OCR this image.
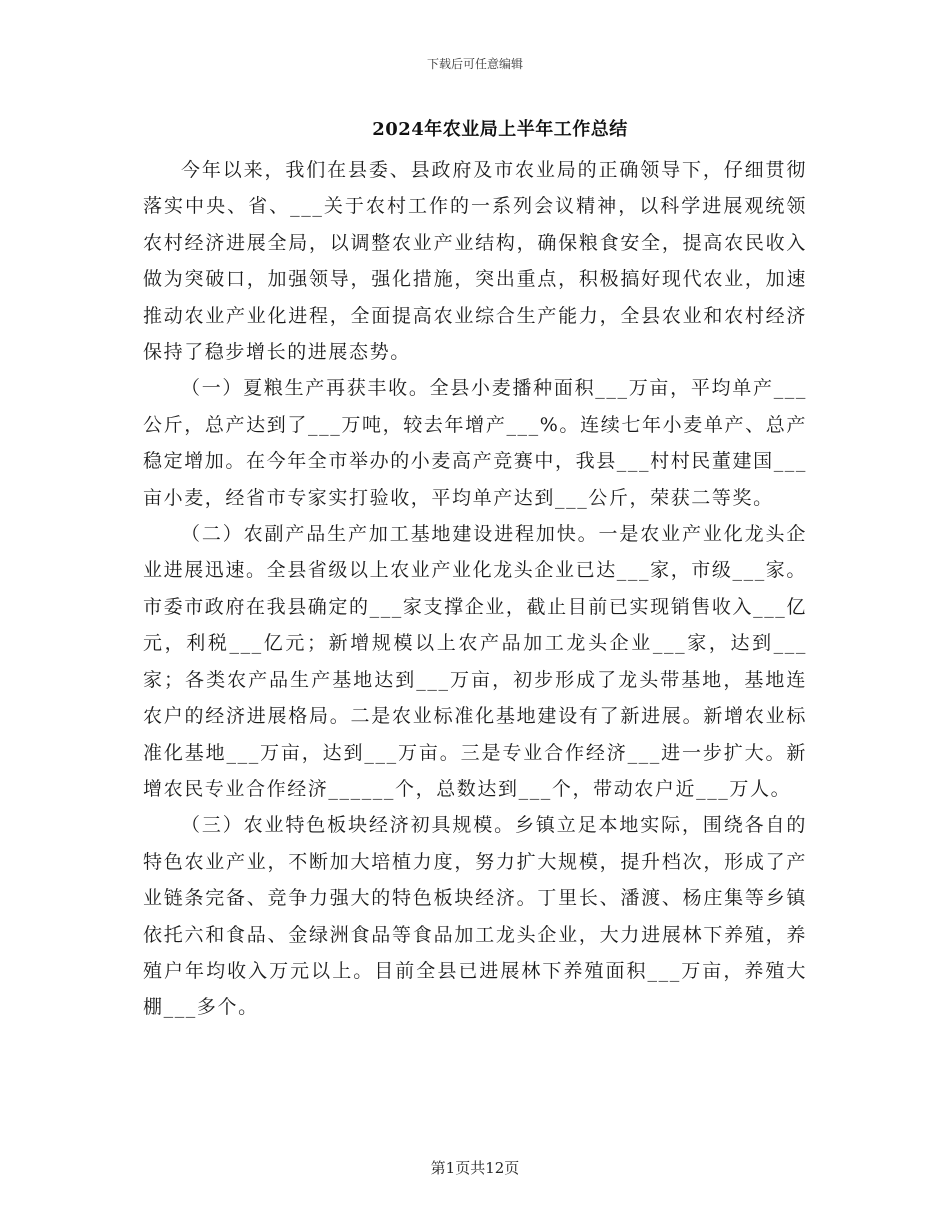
下载后可任意编辑
2024年农业局上半年工作总结

今年以来，我们在县委、县政府及市农业局的正确领导下，仔细贯彻落实中央、省、___关于农村工作的一系列会议精神，以科学进展观统领农村经济进展全局，以调整农业产业结构，确保粮食安全，提高农民收入做为突破口，加强领导，强化措施，突出重点，积极搞好现代农业，加速推动农业产业化进程，全面提高农业综合生产能力，全县农业和农村经济保持了稳步增长的进展态势。

（一）夏粮生产再获丰收。全县小麦播种面积___万亩，平均单产___公斤，总产达到了___万吨，较去年增产___%。连续七年小麦单产、总产稳定增加。在今年全市举办的小麦高产竞赛中，我县___村村民董建国___亩小麦，经省市专家实打验收，平均单产达到___公斤，荣获二等奖。

（二）农副产品生产加工基地建设进程加快。一是农业产业化龙头企业进展迅速。全县省级以上农业产业化龙头企业已达___家，市级___家。市委市政府在我县确定的___家支撑企业，截止目前已实现销售收入___亿元，利税___亿元；新增规模以上农产品加工龙头企业___家，达到___家；各类农产品生产基地达到___万亩，初步形成了龙头带基地，基地连农户的经济进展格局。二是农业标准化基地建设有了新进展。新增农业标准化基地___万亩，达到___万亩。三是专业合作经济___进一步扩大。新增农民专业合作经济______个，总数达到___个，带动农户近___万人。

（三）农业特色板块经济初具规模。乡镇立足本地实际，围绕各自的特色农业产业，不断加大培植力度，努力扩大规模，提升档次，形成了产业链条完备、竞争力强大的特色板块经济。丁里长、潘渡、杨庄集等乡镇依托六和食品、金绿洲食品等食品加工龙头企业，大力进展林下养殖，养殖户年均收入万元以上。目前全县已进展林下养殖面积___万亩，养殖大棚___多个。

第1页共12页
